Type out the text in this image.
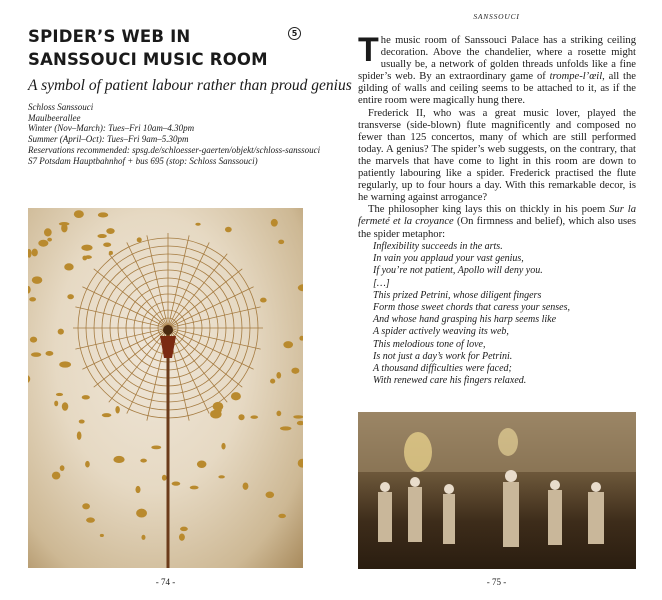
SPIDER’S WEB IN SANSSOUCI MUSIC ROOM
5
A symbol of patient labour rather than proud genius
Schloss Sanssouci
Maulbeerallee
Winter (Nov–March): Tues–Fri 10am–4.30pm
Summer (April–Oct): Tues–Fri 9am–5.30pm
Reservations recommended: spsg.de/schloesser-gaerten/objekt/schloss-sanssouci
S7 Potsdam Hauptbahnhof + bus 695 (stop: Schloss Sanssouci)
- 74 -
SANSSOUCI

The music room of Sanssouci Palace has a striking ceiling decoration. Above the chandelier, where a rosette might usually be, a network of golden threads unfolds like a fine spider’s web. By an extraordinary game of trompe-l’œil, all the gilding of walls and ceiling seems to be attached to it, as if the entire room were magically hung there.

Frederick II, who was a great music lover, played the transverse (side-blown) flute magnificently and composed no fewer than 125 concertos, many of which are still performed today. A genius? The spider’s web suggests, on the contrary, that the marvels that have come to light in this room are down to patiently labouring like a spider. Frederick practised the flute regularly, up to four hours a day. With this remarkable decor, is he warning against arrogance?

The philosopher king lays this on thickly in his poem Sur la fermeté et la croyance (On firmness and belief), which also uses the spider metaphor:

Inflexibility succeeds in the arts.
In vain you applaud your vast genius,
If you’re not patient, Apollo will deny you.
[…]
This prized Petrini, whose diligent fingers
Form those sweet chords that caress your senses,
And whose hand grasping his harp seems like
A spider actively weaving its web,
This melodious tone of love,
Is not just a day’s work for Petrini.
A thousand difficulties were faced;
With renewed care his fingers relaxed.
- 75 -
